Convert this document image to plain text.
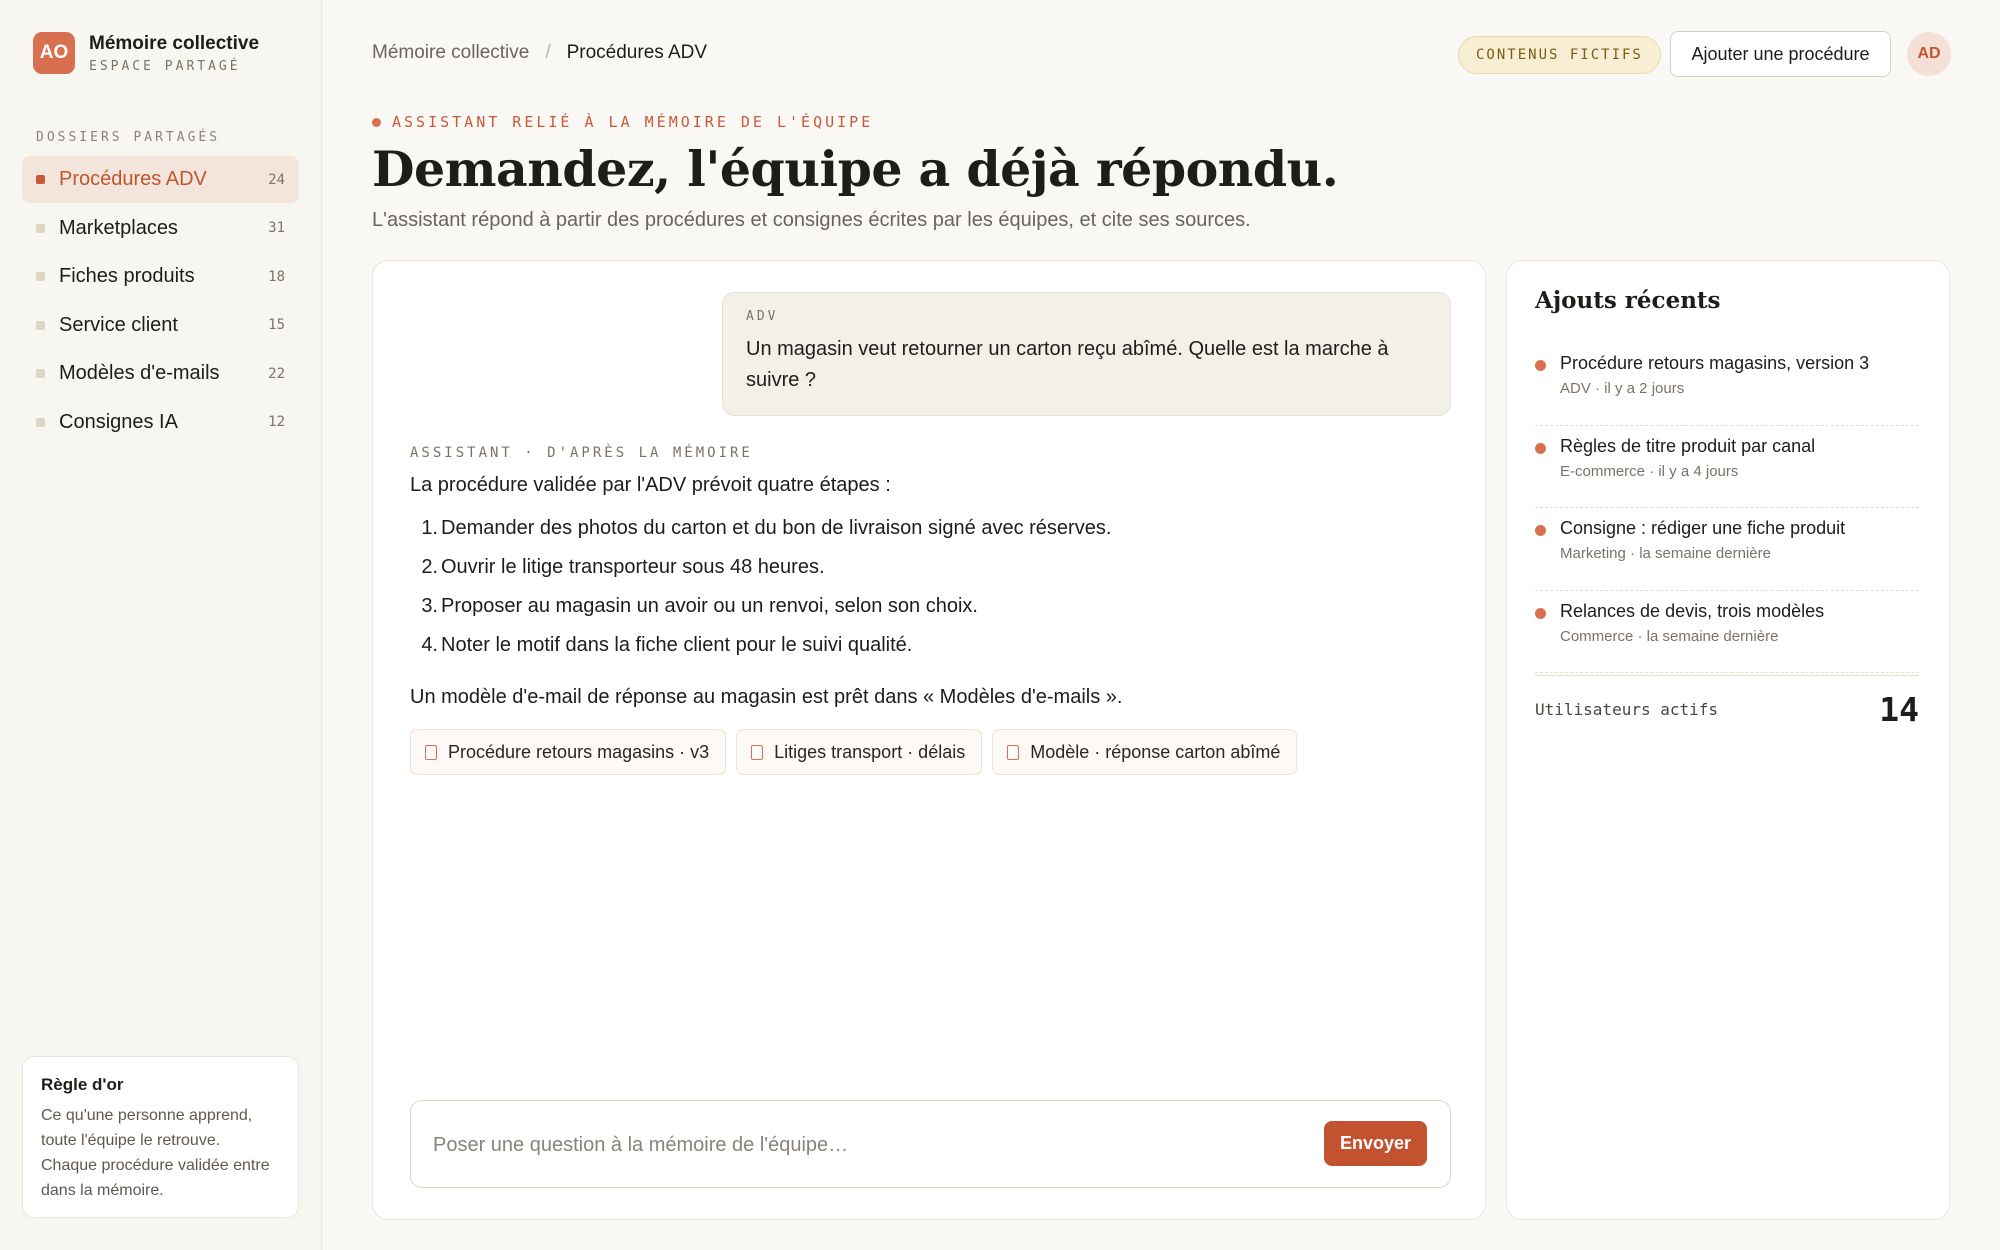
AO	Mémoire collective
ESPACE PARTAGÉ
DOSSIERS PARTAGÉS
Procédures ADV	24
Marketplaces	31
Fiches produits	18
Service client	15
Modèles d'e-mails	22
Consignes IA	12
Règle d'or
Ce qu'une personne apprend, toute l'équipe le retrouve. Chaque procédure validée entre dans la mémoire.
Mémoire collective / Procédures ADV	CONTENUS FICTIFS	Ajouter une procédure	AD
ASSISTANT RELIÉ À LA MÉMOIRE DE L'ÉQUIPE
Demandez, l'équipe a déjà répondu.

L'assistant répond à partir des procédures et consignes écrites par les équipes, et cite ses sources.

ADV
Un magasin veut retourner un carton reçu abîmé. Quelle est la marche à suivre ?
ASSISTANT · D'APRÈS LA MÉMOIRE
La procédure validée par l'ADV prévoit quatre étapes :
1. Demander des photos du carton et du bon de livraison signé avec réserves.
2. Ouvrir le litige transporteur sous 48 heures.
3. Proposer au magasin un avoir ou un renvoi, selon son choix.
4. Noter le motif dans la fiche client pour le suivi qualité.
Un modèle d'e-mail de réponse au magasin est prêt dans « Modèles d'e-mails ».
Procédure retours magasins · v3	Litiges transport · délais	Modèle · réponse carton abîmé
Poser une question à la mémoire de l'équipe…
Envoyer
Ajouts récents
Procédure retours magasins, version 3
ADV · il y a 2 jours
Règles de titre produit par canal
E-commerce · il y a 4 jours
Consigne : rédiger une fiche produit
Marketing · la semaine dernière
Relances de devis, trois modèles
Commerce · la semaine dernière
Utilisateurs actifs	14
